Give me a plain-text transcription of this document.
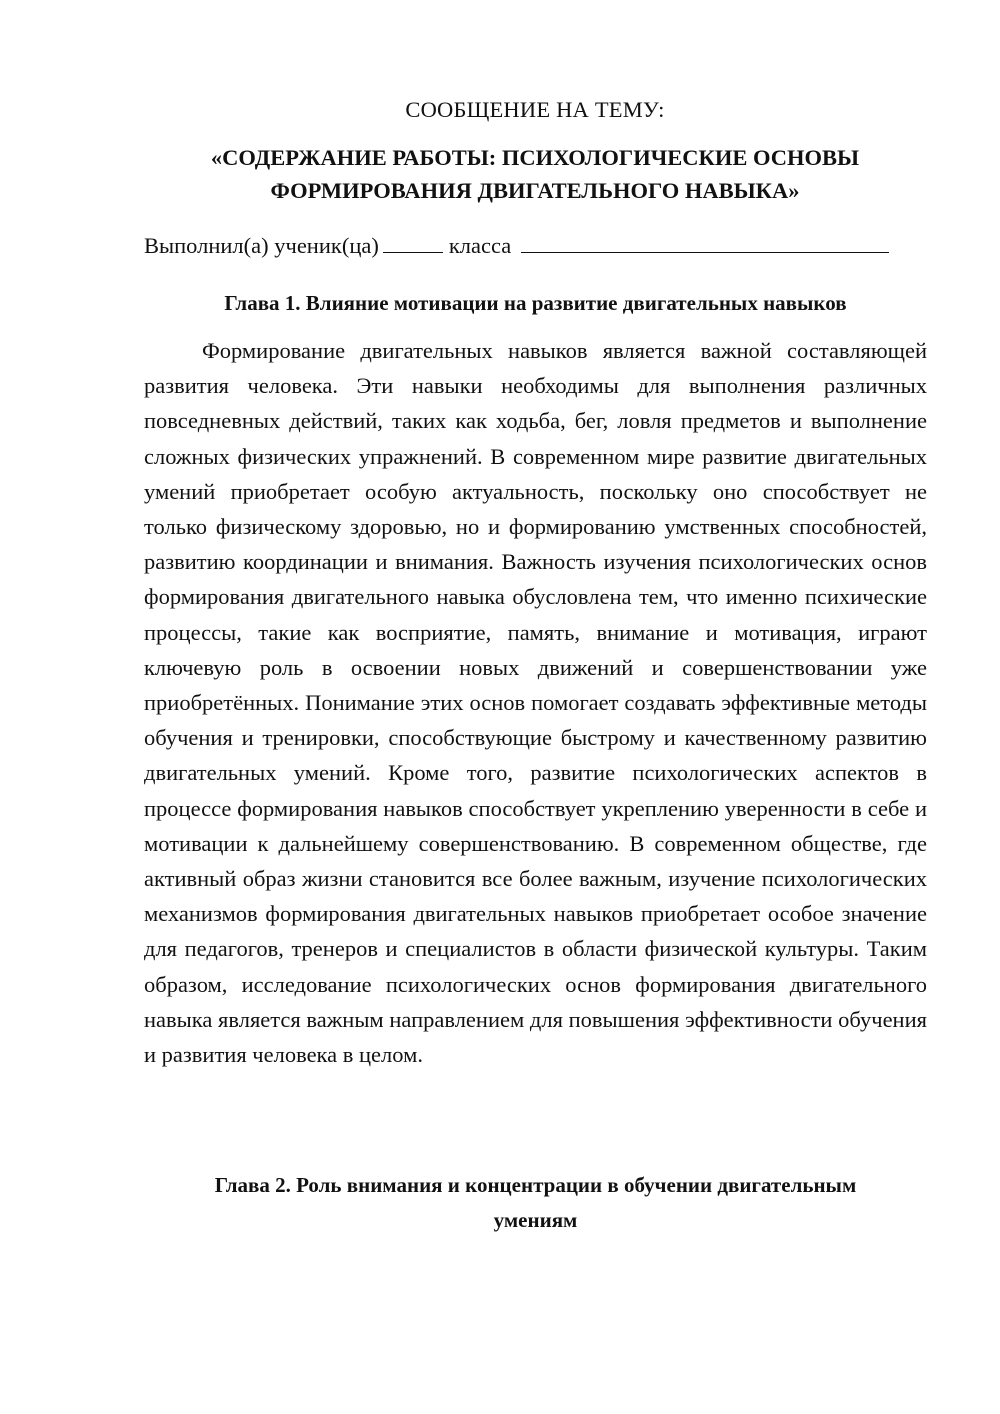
СООБЩЕНИЕ НА ТЕМУ:
«СОДЕРЖАНИЕ РАБОТЫ: ПСИХОЛОГИЧЕСКИЕ ОСНОВЫ
ФОРМИРОВАНИЯ ДВИГАТЕЛЬНОГО НАВЫКА»
Выполнил(а) ученик(ца)	класса
Глава 1. Влияние мотивации на развитие двигательных навыков

Формирование двигательных навыков является важной составляющей развития человека. Эти навыки необходимы для выполнения различных повседневных действий, таких как ходьба, бег, ловля предметов и выполнение сложных физических упражнений. В современном мире развитие двигательных умений приобретает особую актуальность, поскольку оно способствует не только физическому здоровью, но и формированию умственных способностей, развитию координации и внимания. Важность изучения психологических основ формирования двигательного навыка обусловлена тем, что именно психические процессы, такие как восприятие, память, внимание и мотивация, играют ключевую роль в освоении новых движений и совершенствовании уже приобретённых. Понимание этих основ помогает создавать эффективные методы обучения и тренировки, способствующие быстрому и качественному развитию двигательных умений. Кроме того, развитие психологических аспектов в процессе формирования навыков способствует укреплению уверенности в себе и мотивации к дальнейшему совершенствованию. В современном обществе, где активный образ жизни становится все более важным, изучение психологических механизмов формирования двигательных навыков приобретает особое значение для педагогов, тренеров и специалистов в области физической культуры. Таким образом, исследование психологических основ формирования двигательного навыка является важным направлением для повышения эффективности обучения и развития человека в целом.

Глава 2. Роль внимания и концентрации в обучении двигательным
умениям
